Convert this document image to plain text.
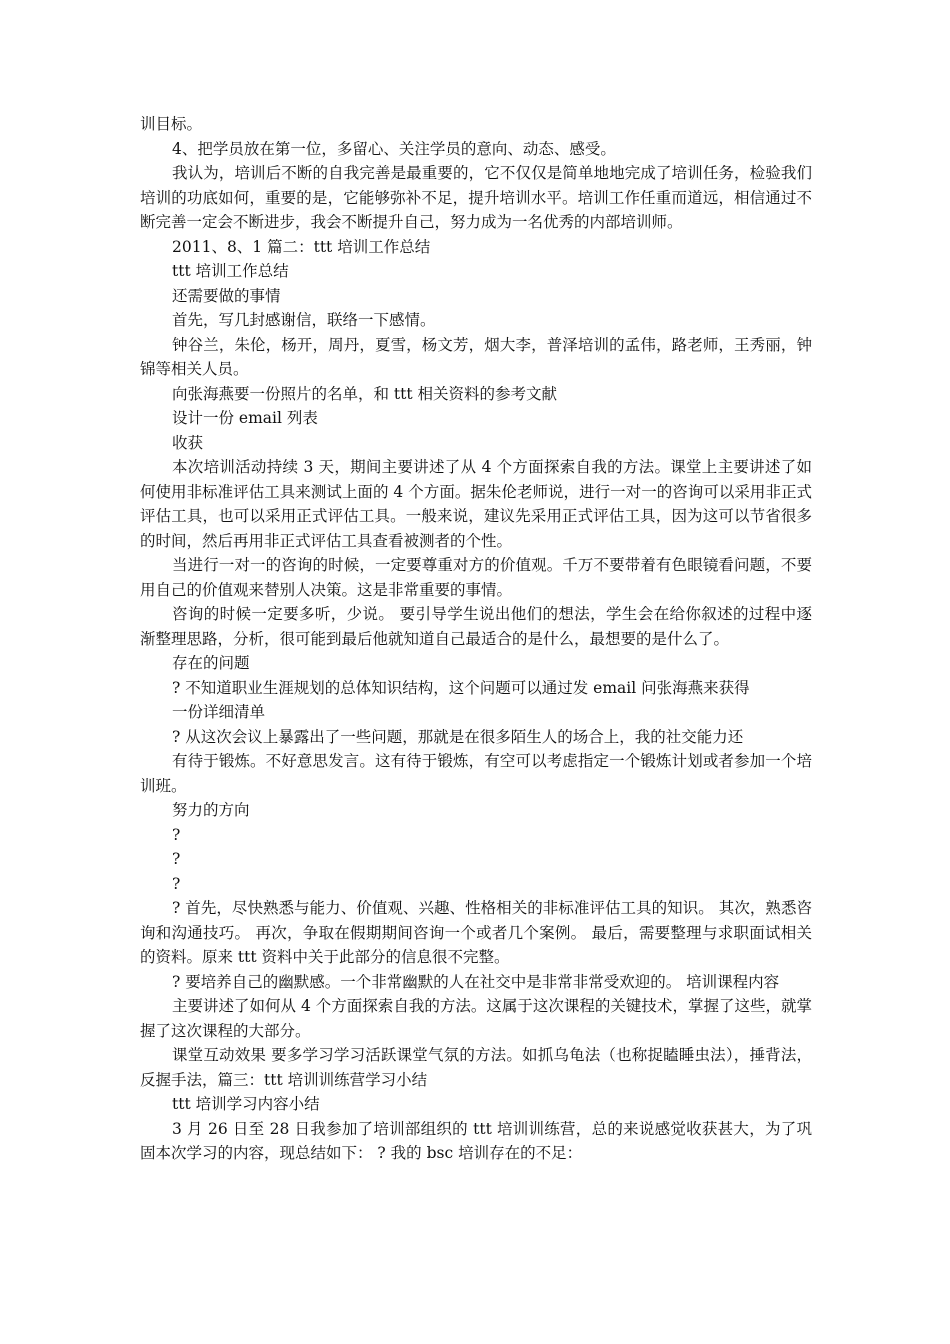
训目标。

4、把学员放在第一位，多留心、关注学员的意向、动态、感受。

我认为，培训后不断的自我完善是最重要的，它不仅仅是简单地地完成了培训任务，检验我们培训的功底如何，重要的是，它能够弥补不足，提升培训水平。培训工作任重而道远，相信通过不断完善一定会不断进步，我会不断提升自己，努力成为一名优秀的内部培训师。

2011、8、1 篇二：ttt 培训工作总结

ttt 培训工作总结

还需要做的事情

首先，写几封感谢信，联络一下感情。

钟谷兰，朱伦，杨开，周丹，夏雪，杨文芳，烟大李，普泽培训的孟伟，路老师，王秀丽，钟锦等相关人员。

向张海燕要一份照片的名单，和 ttt 相关资料的参考文献

设计一份 email 列表

收获

本次培训活动持续 3 天，期间主要讲述了从 4 个方面探索自我的方法。课堂上主要讲述了如何使用非标准评估工具来测试上面的 4 个方面。据朱伦老师说，进行一对一的咨询可以采用非正式评估工具，也可以采用正式评估工具。一般来说，建议先采用正式评估工具，因为这可以节省很多的时间，然后再用非正式评估工具查看被测者的个性。

当进行一对一的咨询的时候，一定要尊重对方的价值观。千万不要带着有色眼镜看问题，不要用自己的价值观来替别人决策。这是非常重要的事情。

咨询的时候一定要多听，少说。 要引导学生说出他们的想法，学生会在给你叙述的过程中逐渐整理思路，分析，很可能到最后他就知道自己最适合的是什么，最想要的是什么了。

存在的问题

? 不知道职业生涯规划的总体知识结构，这个问题可以通过发 email 问张海燕来获得

一份详细清单

? 从这次会议上暴露出了一些问题，那就是在很多陌生人的场合上，我的社交能力还

有待于锻炼。不好意思发言。这有待于锻炼，有空可以考虑指定一个锻炼计划或者参加一个培训班。

努力的方向

?

?

?

? 首先，尽快熟悉与能力、价值观、兴趣、性格相关的非标准评估工具的知识。 其次，熟悉咨询和沟通技巧。 再次，争取在假期期间咨询一个或者几个案例。 最后，需要整理与求职面试相关的资料。原来 ttt 资料中关于此部分的信息很不完整。

? 要培养自己的幽默感。一个非常幽默的人在社交中是非常非常受欢迎的。 培训课程内容

主要讲述了如何从 4 个方面探索自我的方法。这属于这次课程的关键技术，掌握了这些，就掌握了这次课程的大部分。

课堂互动效果 要多学习学习活跃课堂气氛的方法。如抓乌龟法（也称捉瞌睡虫法），捶背法，反握手法，篇三：ttt 培训训练营学习小结

ttt 培训学习内容小结

3 月 26 日至 28 日我参加了培训部组织的 ttt 培训训练营，总的来说感觉收获甚大，为了巩固本次学习的内容，现总结如下： ? 我的 bsc 培训存在的不足：
